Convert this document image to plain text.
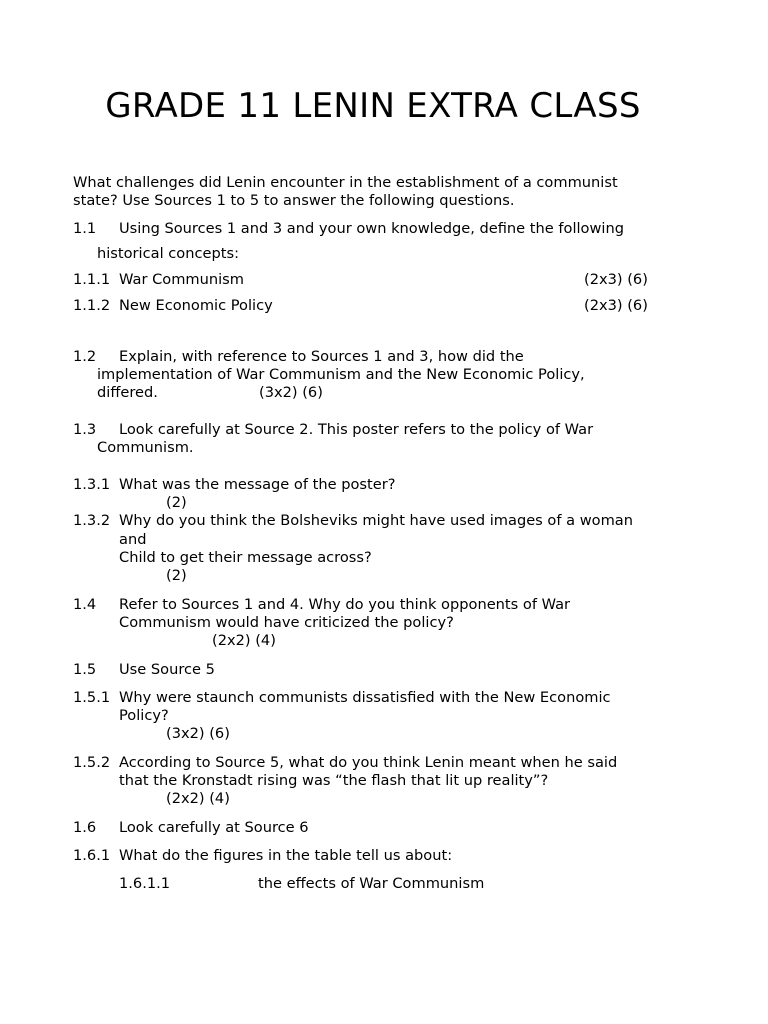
GRADE 11 LENIN EXTRA CLASS
What challenges did Lenin encounter in the establishment of a communist
state? Use Sources 1 to 5 to answer the following questions.
1.1 Using Sources 1 and 3 and your own knowledge, define the following
historical concepts:
1.1.1 War Communism	(2x3) (6)
1.1.2 New Economic Policy	(2x3) (6)
1.2 Explain, with reference to Sources 1 and 3, how did the
implementation of War Communism and the New Economic Policy,
differed.	(3x2) (6)
1.3 Look carefully at Source 2. This poster refers to the policy of War
Communism.
1.3.1 What was the message of the poster?
(2)
1.3.2 Why do you think the Bolsheviks might have used images of a woman
and
Child to get their message across?
(2)
1.4 Refer to Sources 1 and 4. Why do you think opponents of War
Communism would have criticized the policy?
(2x2) (4)
1.5 Use Source 5
1.5.1 Why were staunch communists dissatisfied with the New Economic
Policy?
(3x2) (6)
1.5.2 According to Source 5, what do you think Lenin meant when he said
that the Kronstadt rising was “the flash that lit up reality”?
(2x2) (4)
1.6 Look carefully at Source 6
1.6.1 What do the figures in the table tell us about:
1.6.1.1	the effects of War Communism
